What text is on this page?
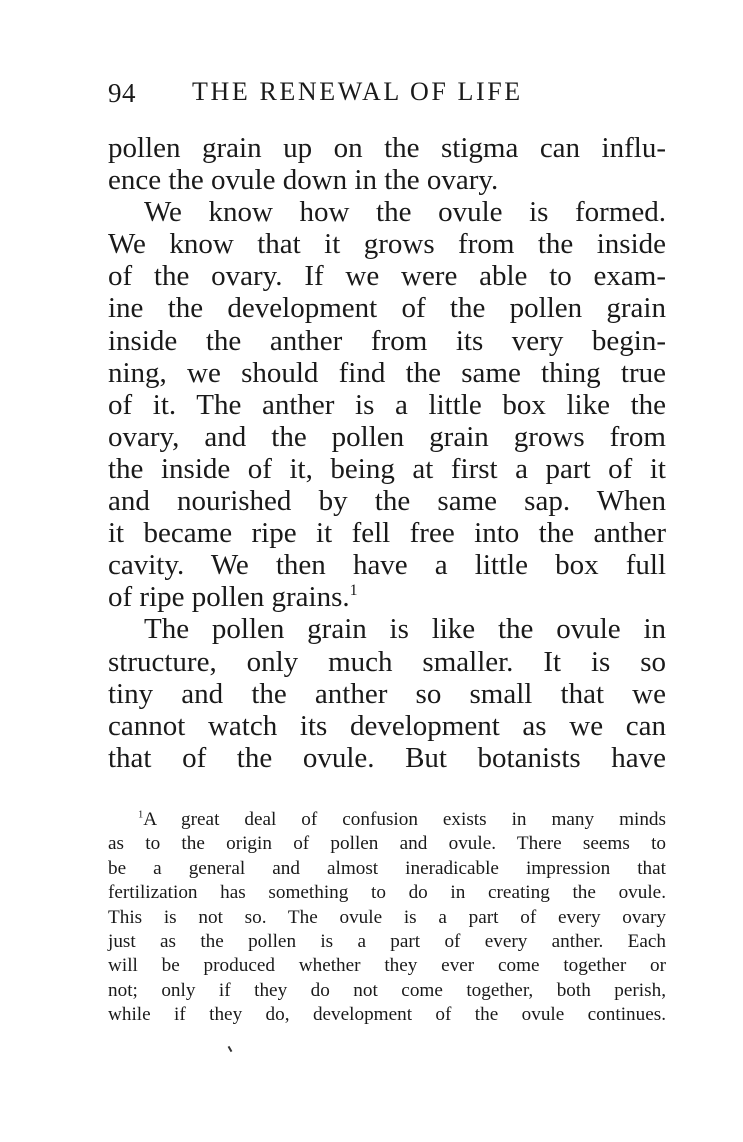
94 THE RENEWAL OF LIFE
pollen grain up on the stigma can influ-
ence the ovule down in the ovary.
We know how the ovule is formed.
We know that it grows from the inside
of the ovary. If we were able to exam-
ine the development of the pollen grain
inside the anther from its very begin-
ning, we should find the same thing true
of it. The anther is a little box like the
ovary, and the pollen grain grows from
the inside of it, being at first a part of it
and nourished by the same sap. When
it became ripe it fell free into the anther
cavity. We then have a little box full
of ripe pollen grains.$^1$
The pollen grain is like the ovule in
structure, only much smaller. It is so
tiny and the anther so small that we
cannot watch its development as we can
that of the ovule. But botanists have
$^1$A great deal of confusion exists in many minds
as to the origin of pollen and ovule. There seems to
be a general and almost ineradicable impression that
fertilization has something to do in creating the ovule.
This is not so. The ovule is a part of every ovary
just as the pollen is a part of every anther. Each
will be produced whether they ever come together or
not; only if they do not come together, both perish,
while if they do, development of the ovule continues.
